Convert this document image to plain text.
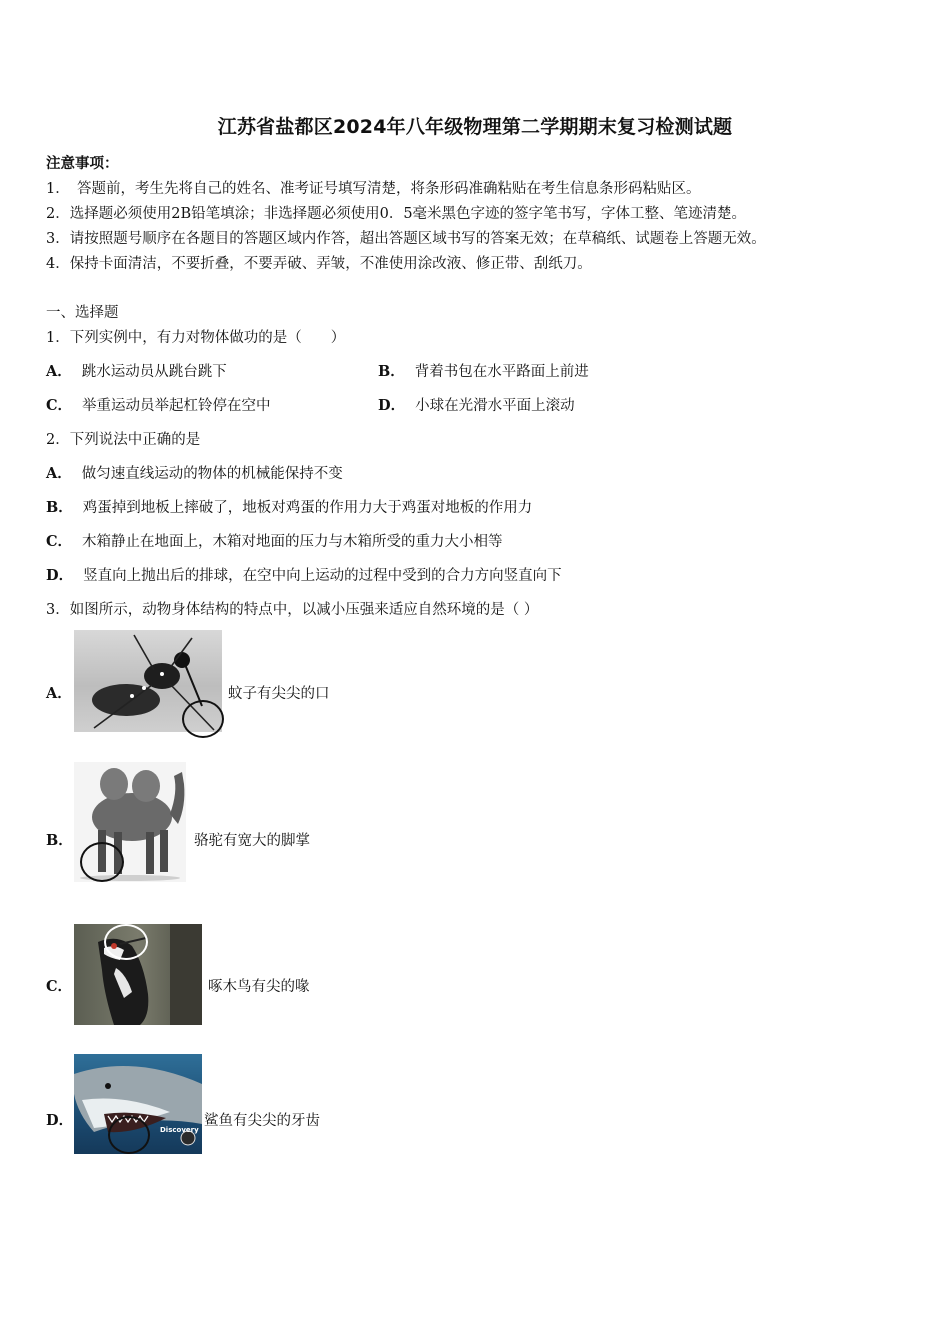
江苏省盐都区2024年八年级物理第二学期期末复习检测试题
注意事项：
1．　答题前，考生先将自己的姓名、准考证号填写清楚，将条形码准确粘贴在考生信息条形码粘贴区。
2．选择题必须使用2B铅笔填涂；非选择题必须使用0．5毫米黑色字迹的签字笔书写，字体工整、笔迹清楚。
3．请按照题号顺序在各题目的答题区域内作答，超出答题区域书写的答案无效；在草稿纸、试题卷上答题无效。
4．保持卡面清洁，不要折叠，不要弄破、弄皱，不准使用涂改液、修正带、刮纸刀。
一、选择题
1．下列实例中，有力对物体做功的是（　　）
A． 跳水运动员从跳台跳下	B． 背着书包在水平路面上前进
C． 举重运动员举起杠铃停在空中	D． 小球在光滑水平面上滚动
2．下列说法中正确的是
A． 做匀速直线运动的物体的机械能保持不变
B． 鸡蛋掉到地板上摔破了，地板对鸡蛋的作用力大于鸡蛋对地板的作用力
C． 木箱静止在地面上，木箱对地面的压力与木箱所受的重力大小相等
D． 竖直向上抛出后的排球，在空中向上运动的过程中受到的合力方向竖直向下
3．如图所示，动物身体结构的特点中，以减小压强来适应自然环境的是（ ）
A．	蚊子有尖尖的口
B．	骆驼有宽大的脚掌
C．	啄木鸟有尖的喙
D．
Discovery
鲨鱼有尖尖的牙齿
